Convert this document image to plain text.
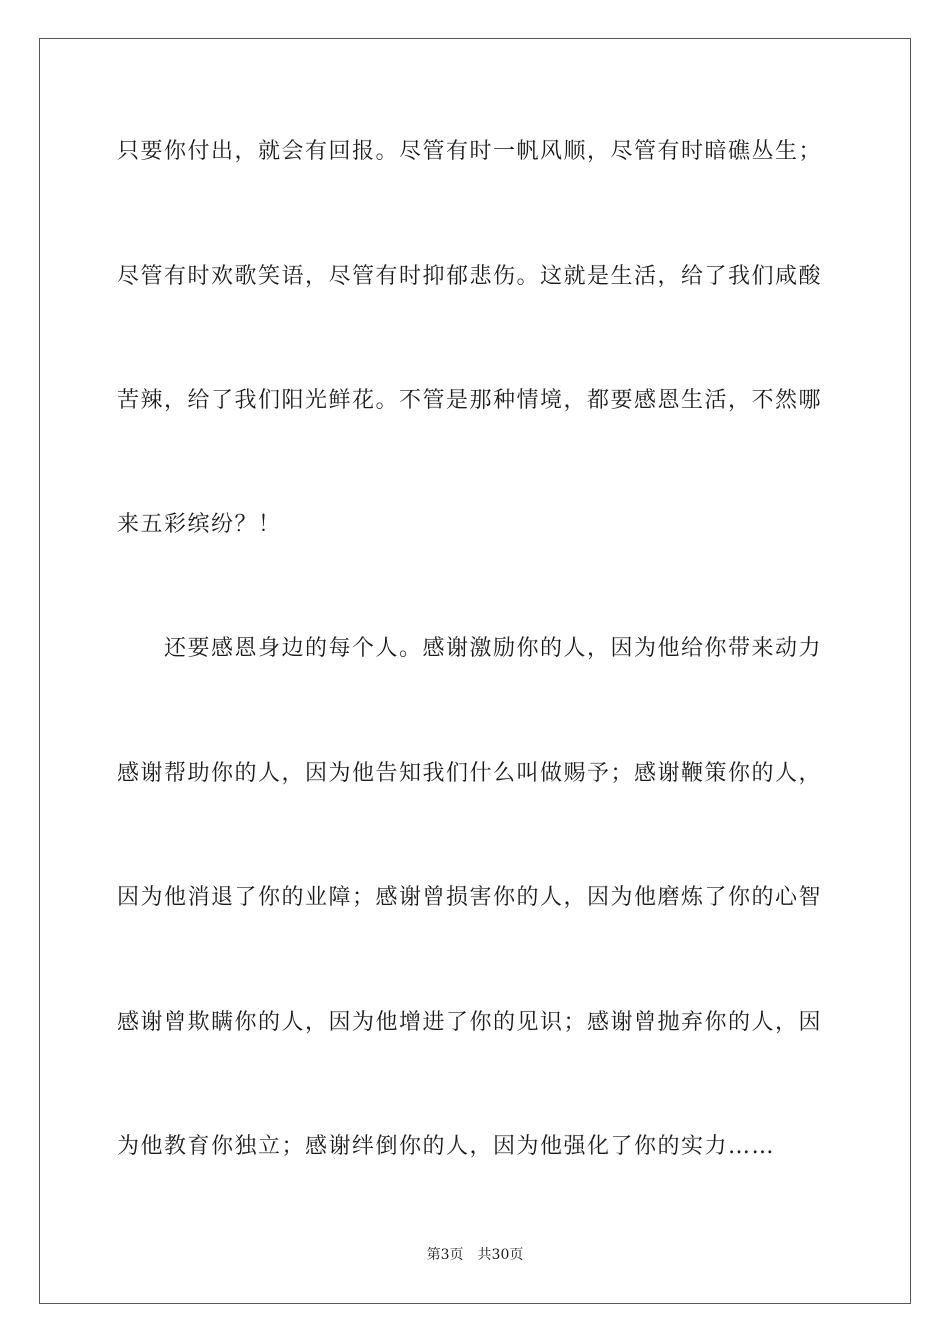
只要你付出，就会有回报。尽管有时一帆风顺，尽管有时暗礁丛生；
尽管有时欢歌笑语，尽管有时抑郁悲伤。这就是生活，给了我们咸酸
苦辣，给了我们阳光鲜花。不管是那种情境，都要感恩生活，不然哪
来五彩缤纷？！
还要感恩身边的每个人。感谢激励你的人，因为他给你带来动力
感谢帮助你的人，因为他告知我们什么叫做赐予；感谢鞭策你的人，
因为他消退了你的业障；感谢曾损害你的人，因为他磨炼了你的心智
感谢曾欺瞒你的人，因为他增进了你的见识；感谢曾抛弃你的人，因
为他教育你独立；感谢绊倒你的人，因为他强化了你的实力……
第3页　共30页
